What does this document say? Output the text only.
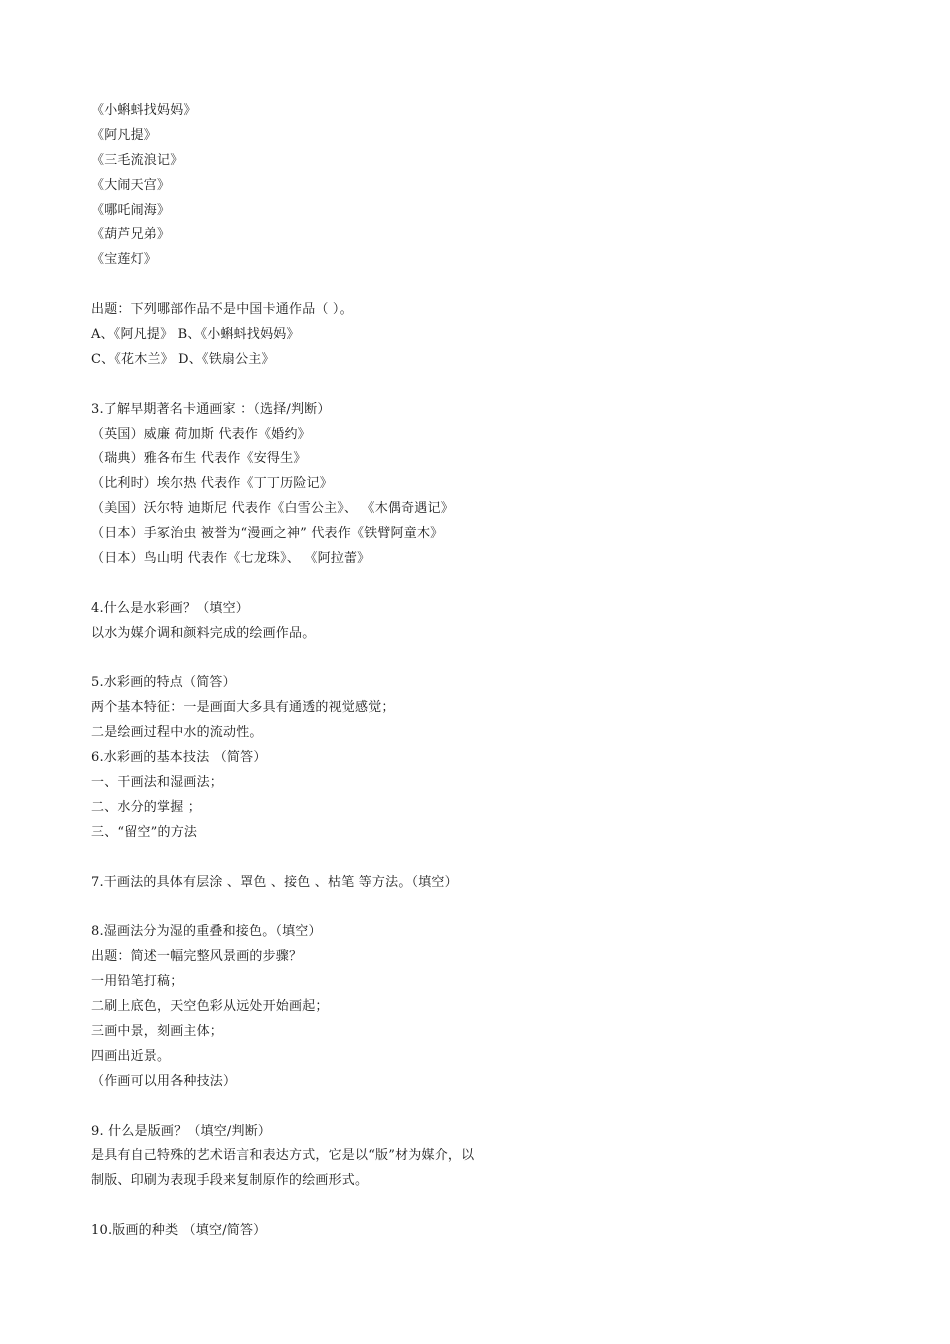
《小蝌蚪找妈妈》
《阿凡提》
《三毛流浪记》
《大闹天宫》
《哪吒闹海》
《葫芦兄弟》
《宝莲灯》
出题：下列哪部作品不是中国卡通作品（ ）。
A、《阿凡提》 B、《小蝌蚪找妈妈》
C、《花木兰》 D、《铁扇公主》
3.了解早期著名卡通画家 ：（选择/判断）
（英国）威廉 荷加斯 代表作《婚约》
（瑞典）雅各布生 代表作《安得生》
（比利时）埃尔热 代表作《丁丁历险记》
（美国）沃尔特 迪斯尼 代表作《白雪公主》、 《木偶奇遇记》
（日本）手冢治虫 被誉为“漫画之神” 代表作《铁臂阿童木》
（日本）鸟山明 代表作《七龙珠》、 《阿拉蕾》
4.什么是水彩画？（填空）
以水为媒介调和颜料完成的绘画作品。
5.水彩画的特点（简答）
两个基本特征：一是画面大多具有通透的视觉感觉；
二是绘画过程中水的流动性。
6.水彩画的基本技法 （简答）
一、干画法和湿画法；
二、水分的掌握 ；
三、“留空”的方法
7.干画法的具体有层涂 、罩色 、接色 、枯笔 等方法。（填空）
8.湿画法分为湿的重叠和接色。（填空）
出题：简述一幅完整风景画的步骤？
一用铅笔打稿；
二刷上底色，天空色彩从远处开始画起；
三画中景，刻画主体；
四画出近景。
（作画可以用各种技法）
9. 什么是版画？（填空/判断）
是具有自己特殊的艺术语言和表达方式，它是以“版”材为媒介，以
制版、印刷为表现手段来复制原作的绘画形式。
10.版画的种类 （填空/简答）
